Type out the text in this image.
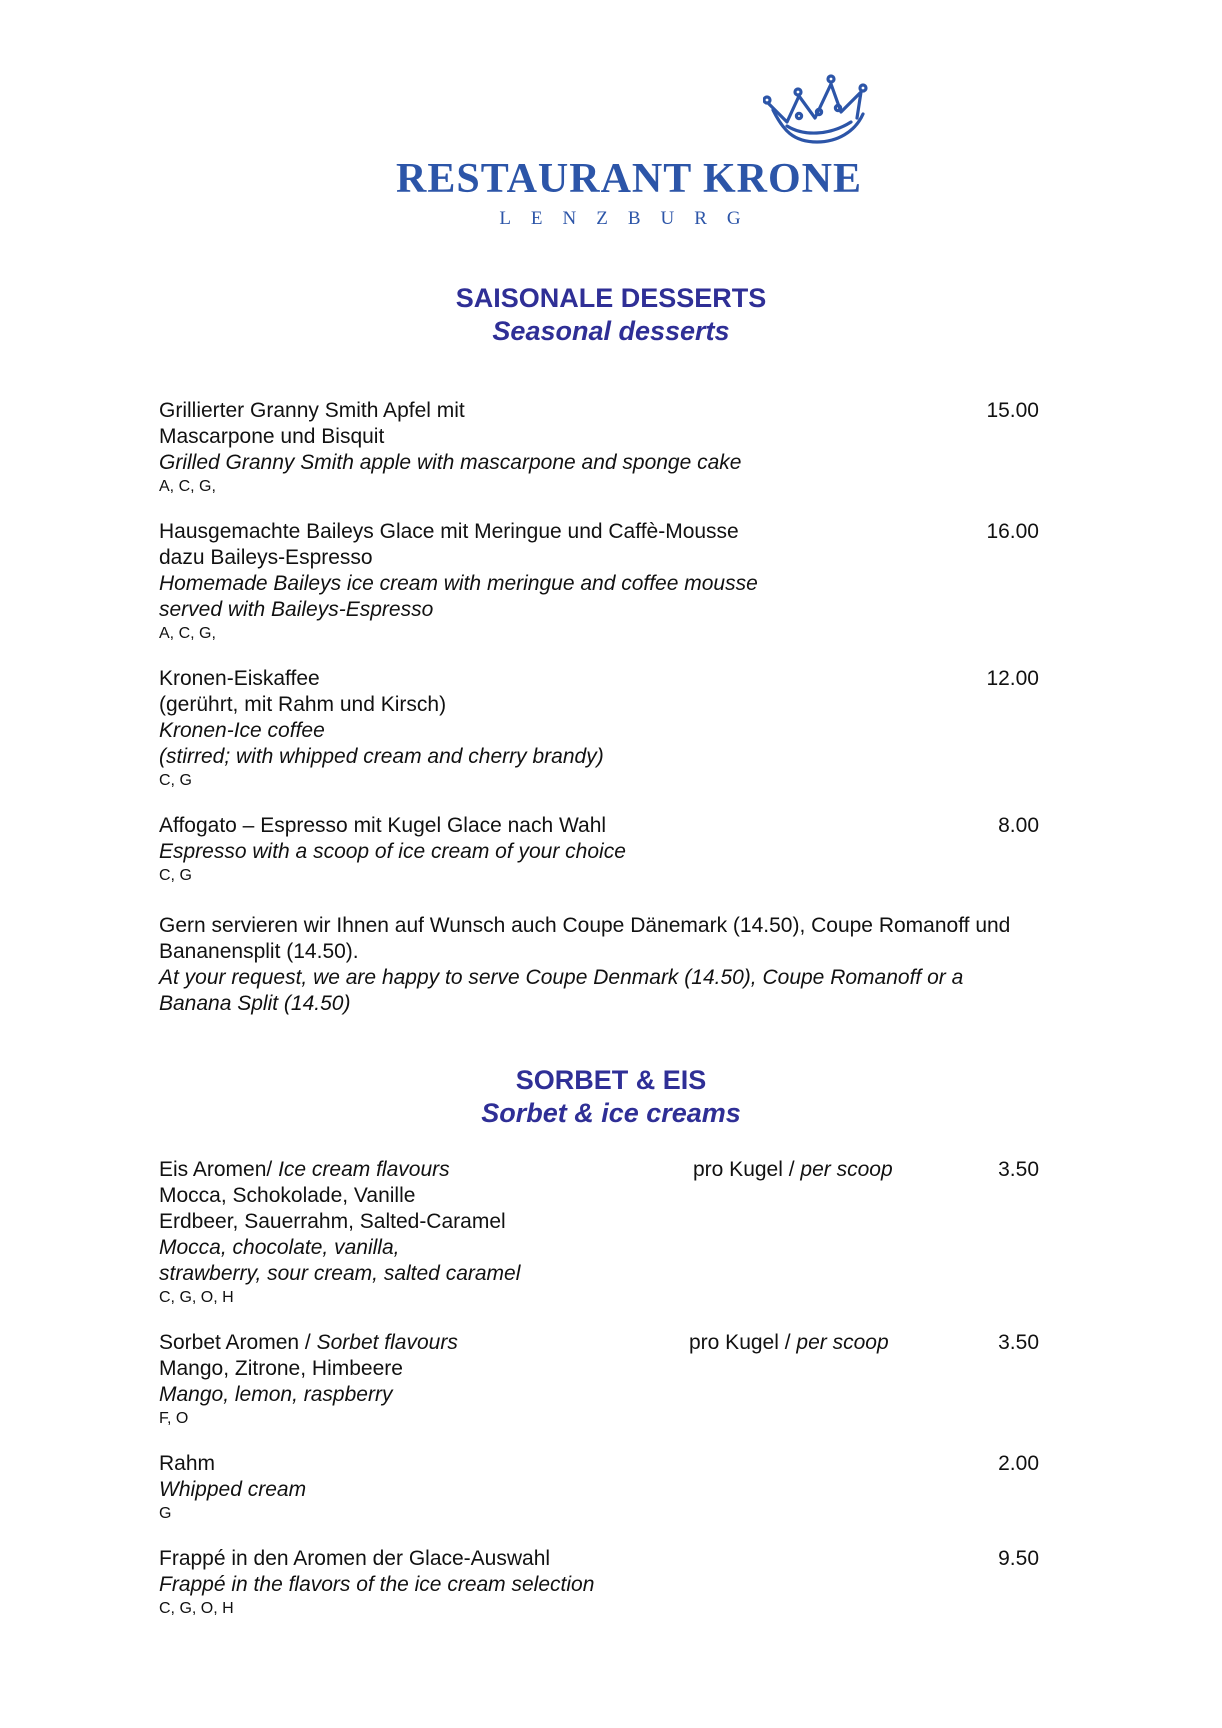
RESTAURANT KRONE
LENZBURG
SAISONALE DESSERTS
Seasonal desserts
Grillierter Granny Smith Apfel mit
Mascarpone und Bisquit
Grilled Granny Smith apple with mascarpone and sponge cake
A, C, G,
15.00
Hausgemachte Baileys Glace mit Meringue und Caffè-Mousse
dazu Baileys-Espresso
Homemade Baileys ice cream with meringue and coffee mousse
served with Baileys-Espresso
A, C, G,
16.00
Kronen-Eiskaffee
(gerührt, mit Rahm und Kirsch)
Kronen-Ice coffee
(stirred; with whipped cream and cherry brandy)
C, G
12.00
Affogato – Espresso mit Kugel Glace nach Wahl
Espresso with a scoop of ice cream of your choice
C, G
8.00
Gern servieren wir Ihnen auf Wunsch auch Coupe Dänemark (14.50), Coupe Romanoff und
Bananensplit (14.50).
At your request, we are happy to serve Coupe Denmark (14.50), Coupe Romanoff or a
Banana Split (14.50)
SORBET & EIS
Sorbet & ice creams
Eis Aromen/ Ice cream flavours
Mocca, Schokolade, Vanille
Erdbeer, Sauerrahm, Salted-Caramel
Mocca, chocolate, vanilla,
strawberry, sour cream, salted caramel
C, G, O, H
pro Kugel / per scoop	3.50
Sorbet Aromen / Sorbet flavours
Mango, Zitrone, Himbeere
Mango, lemon, raspberry
F, O
pro Kugel / per scoop	3.50
Rahm
Whipped cream
G
2.00
Frappé in den Aromen der Glace-Auswahl
Frappé in the flavors of the ice cream selection
C, G, O, H
9.50
